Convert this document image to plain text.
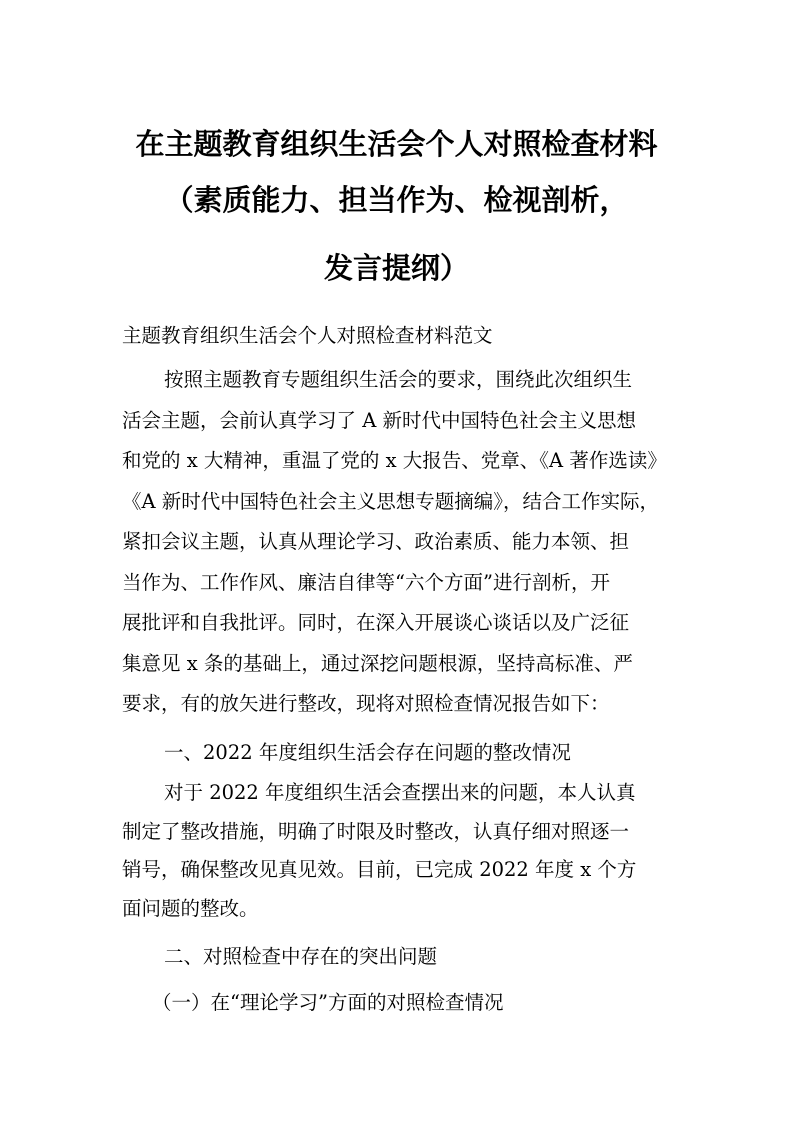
在主题教育组织生活会个人对照检查材料
（素质能力、担当作为、检视剖析，
发言提纲）
主题教育组织生活会个人对照检查材料范文
按照主题教育专题组织生活会的要求，围绕此次组织生
活会主题，会前认真学习了 A 新时代中国特色社会主义思想
和党的 x 大精神，重温了党的 x 大报告、党章、《A 著作选读》
《A 新时代中国特色社会主义思想专题摘编》，结合工作实际，
紧扣会议主题，认真从理论学习、政治素质、能力本领、担
当作为、工作作风、廉洁自律等“六个方面”进行剖析，开
展批评和自我批评。同时，在深入开展谈心谈话以及广泛征
集意见 x 条的基础上，通过深挖问题根源，坚持高标准、严
要求，有的放矢进行整改，现将对照检查情况报告如下：
一、2022 年度组织生活会存在问题的整改情况
对于 2022 年度组织生活会查摆出来的问题，本人认真
制定了整改措施，明确了时限及时整改，认真仔细对照逐一
销号，确保整改见真见效。目前，已完成 2022 年度 x 个方
面问题的整改。
二、对照检查中存在的突出问题
（一）在“理论学习”方面的对照检查情况
